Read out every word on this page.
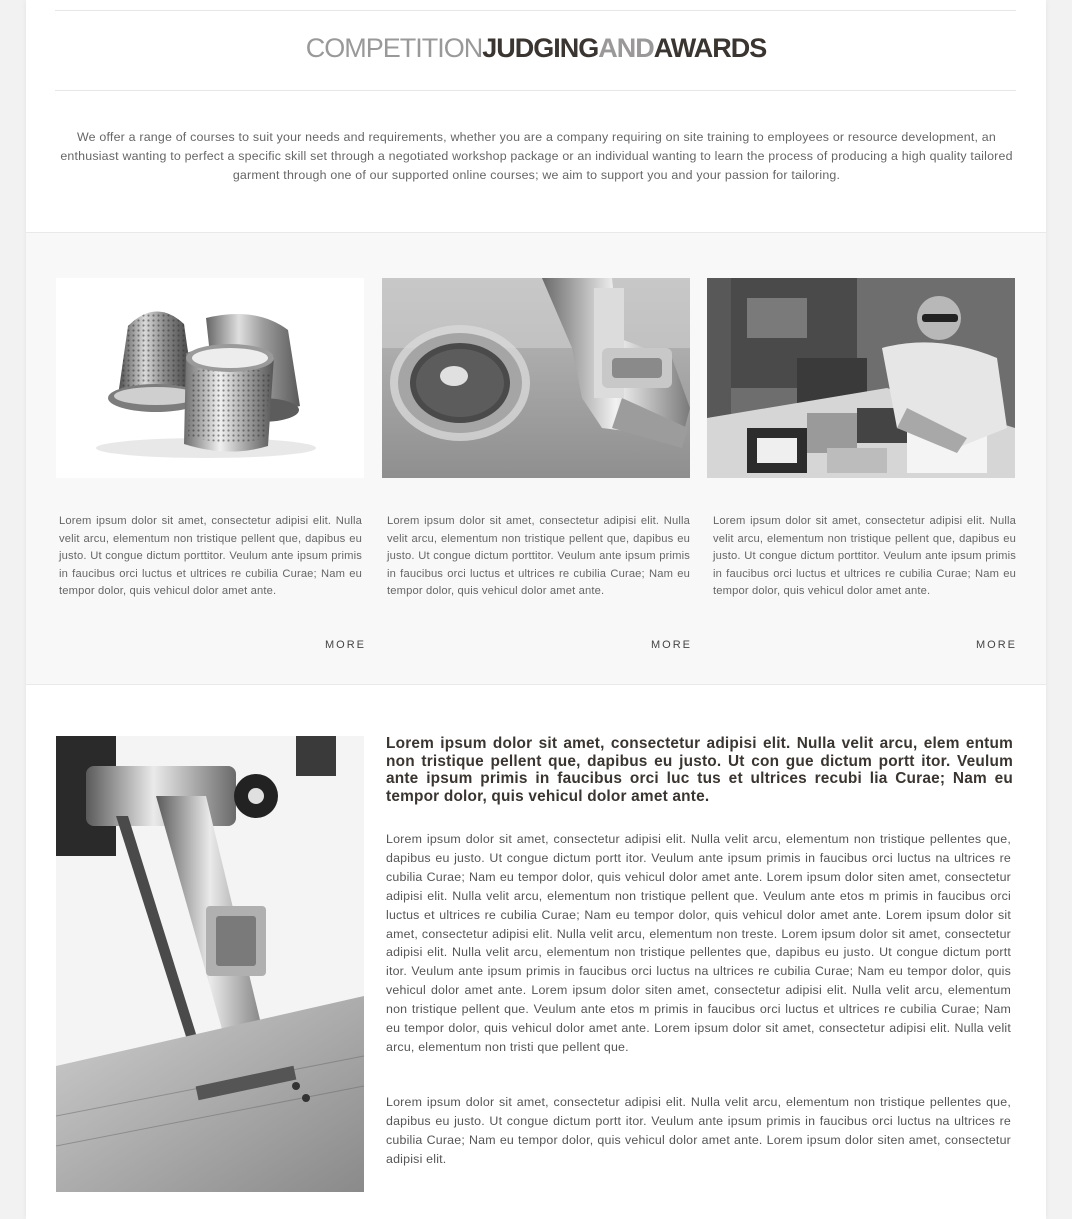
COMPETITIONJUDGINGANDAWARDS

We offer a range of courses to suit your needs and requirements, whether you are a company requiring on site training to employees or resource development, an enthusiast wanting to perfect a specific skill set through a negotiated workshop package or an individual wanting to learn the process of producing a high quality tailored garment through one of our supported online courses; we aim to support you and your passion for tailoring.

Lorem ipsum dolor sit amet, consectetur adipisi elit. Nulla velit arcu, elementum non tristique pellent que, dapibus eu justo. Ut congue dictum porttitor. Veulum ante ipsum primis in faucibus orci luctus et ultrices re cubilia Curae; Nam eu tempor dolor, quis vehicul dolor amet ante.

MORE

Lorem ipsum dolor sit amet, consectetur adipisi elit. Nulla velit arcu, elementum non tristique pellent que, dapibus eu justo. Ut congue dictum porttitor. Veulum ante ipsum primis in faucibus orci luctus et ultrices re cubilia Curae; Nam eu tempor dolor, quis vehicul dolor amet ante.

MORE

Lorem ipsum dolor sit amet, consectetur adipisi elit. Nulla velit arcu, elementum non tristique pellent que, dapibus eu justo. Ut congue dictum porttitor. Veulum ante ipsum primis in faucibus orci luctus et ultrices re cubilia Curae; Nam eu tempor dolor, quis vehicul dolor amet ante.

MORE

Lorem ipsum dolor sit amet, consectetur adipisi elit. Nulla velit arcu, elem entum non tristique pellent que, dapibus eu justo. Ut con gue dictum portt itor. Veulum ante ipsum primis in faucibus orci luc tus et ultrices recubi lia Curae; Nam eu tempor dolor, quis vehicul dolor amet ante.

Lorem ipsum dolor sit amet, consectetur adipisi elit. Nulla velit arcu, elementum non tristique pellentes que, dapibus eu justo. Ut congue dictum portt itor. Veulum ante ipsum primis in faucibus orci luctus na ultrices re cubilia Curae; Nam eu tempor dolor, quis vehicul dolor amet ante. Lorem ipsum dolor siten amet, consectetur adipisi elit. Nulla velit arcu, elementum non tristique pellent que. Veulum ante etos m primis in faucibus orci luctus et ultrices re cubilia Curae; Nam eu tempor dolor, quis vehicul dolor amet ante. Lorem ipsum dolor sit amet, consectetur adipisi elit. Nulla velit arcu, elementum non treste. Lorem ipsum dolor sit amet, consectetur adipisi elit. Nulla velit arcu, elementum non tristique pellentes que, dapibus eu justo. Ut congue dictum portt itor. Veulum ante ipsum primis in faucibus orci luctus na ultrices re cubilia Curae; Nam eu tempor dolor, quis vehicul dolor amet ante. Lorem ipsum dolor siten amet, consectetur adipisi elit. Nulla velit arcu, elementum non tristique pellent que. Veulum ante etos m primis in faucibus orci luctus et ultrices re cubilia Curae; Nam eu tempor dolor, quis vehicul dolor amet ante. Lorem ipsum dolor sit amet, consectetur adipisi elit. Nulla velit arcu, elementum non tristi que pellent que.

Lorem ipsum dolor sit amet, consectetur adipisi elit. Nulla velit arcu, elementum non tristique pellentes que, dapibus eu justo. Ut congue dictum portt itor. Veulum ante ipsum primis in faucibus orci luctus na ultrices re cubilia Curae; Nam eu tempor dolor, quis vehicul dolor amet ante. Lorem ipsum dolor siten amet, consectetur adipisi elit.
